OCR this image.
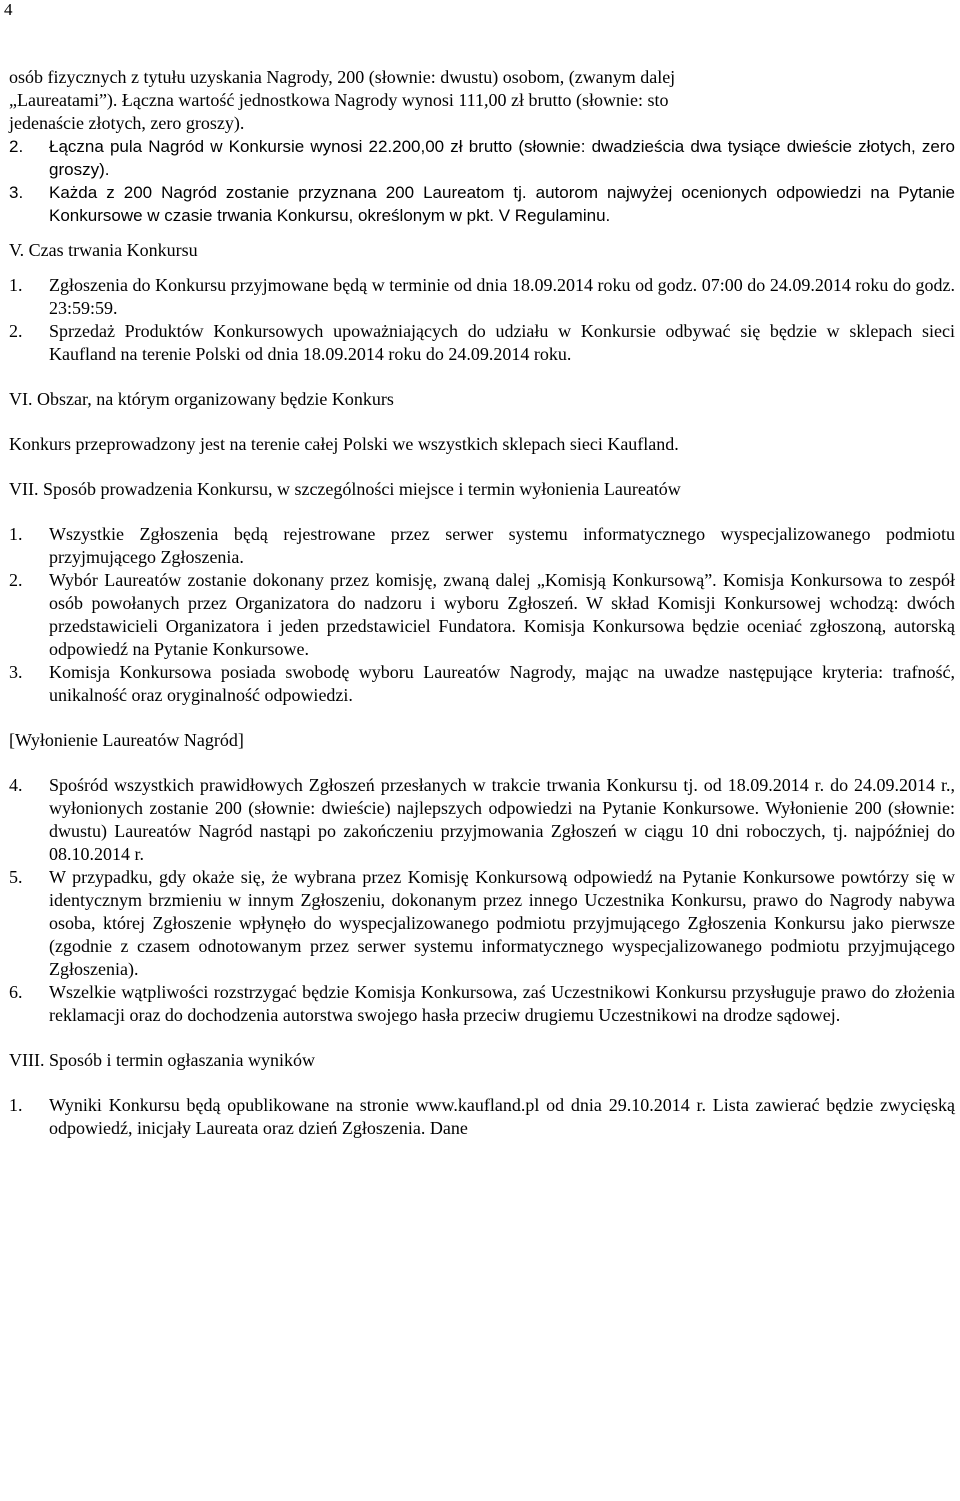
4

osób fizycznych z tytułu uzyskania Nagrody, 200 (słownie: dwustu) osobom, (zwanym dalej
„Laureatami”). Łączna wartość jednostkowa Nagrody wynosi 111,00 zł brutto (słownie: sto
jedenaście złotych, zero groszy).

2.	Łączna pula Nagród w Konkursie wynosi 22.200,00 zł brutto (słownie: dwadzieścia dwa tysiące dwieście złotych, zero groszy).
3.	Każda z 200 Nagród zostanie przyznana 200 Laureatom tj. autorom najwyżej ocenionych odpowiedzi na Pytanie Konkursowe w czasie trwania Konkursu, określonym w pkt. V Regulaminu.

V. Czas trwania Konkursu

1.	Zgłoszenia do Konkursu przyjmowane będą w terminie od dnia 18.09.2014 roku od godz. 07:00 do 24.09.2014 roku do godz. 23:59:59.
2.	Sprzedaż Produktów Konkursowych upoważniających do udziału w Konkursie odbywać się będzie w sklepach sieci Kaufland na terenie Polski od dnia 18.09.2014 roku do 24.09.2014 roku.

VI. Obszar, na którym organizowany będzie Konkurs

Konkurs przeprowadzony jest na terenie całej Polski we wszystkich sklepach sieci Kaufland.

VII. Sposób prowadzenia Konkursu, w szczególności miejsce i termin wyłonienia Laureatów

1.	Wszystkie Zgłoszenia będą rejestrowane przez serwer systemu informatycznego wyspecjalizowanego podmiotu przyjmującego Zgłoszenia.
2.	Wybór Laureatów zostanie dokonany przez komisję, zwaną dalej „Komisją Konkursową”. Komisja Konkursowa to zespół osób powołanych przez Organizatora do nadzoru i wyboru Zgłoszeń. W skład Komisji Konkursowej wchodzą: dwóch przedstawicieli Organizatora i jeden przedstawiciel Fundatora. Komisja Konkursowa będzie oceniać zgłoszoną, autorską odpowiedź na Pytanie Konkursowe.
3.	Komisja Konkursowa posiada swobodę wyboru Laureatów Nagrody, mając na uwadze następujące kryteria: trafność, unikalność oraz oryginalność odpowiedzi.

[Wyłonienie Laureatów Nagród]

4.	Spośród wszystkich prawidłowych Zgłoszeń przesłanych w trakcie trwania Konkursu tj. od 18.09.2014 r. do 24.09.2014 r., wyłonionych zostanie 200 (słownie: dwieście) najlepszych odpowiedzi na Pytanie Konkursowe. Wyłonienie 200 (słownie: dwustu) Laureatów Nagród nastąpi po zakończeniu przyjmowania Zgłoszeń w ciągu 10 dni roboczych, tj. najpóźniej do 08.10.2014 r.
5.	W przypadku, gdy okaże się, że wybrana przez Komisję Konkursową odpowiedź na Pytanie Konkursowe powtórzy się w identycznym brzmieniu w innym Zgłoszeniu, dokonanym przez innego Uczestnika Konkursu, prawo do Nagrody nabywa osoba, której Zgłoszenie wpłynęło do wyspecjalizowanego podmiotu przyjmującego Zgłoszenia Konkursu jako pierwsze (zgodnie z czasem odnotowanym przez serwer systemu informatycznego wyspecjalizowanego podmiotu przyjmującego Zgłoszenia).
6.	Wszelkie wątpliwości rozstrzygać będzie Komisja Konkursowa, zaś Uczestnikowi Konkursu przysługuje prawo do złożenia reklamacji oraz do dochodzenia autorstwa swojego hasła przeciw drugiemu Uczestnikowi na drodze sądowej.

VIII. Sposób i termin ogłaszania wyników

1.	Wyniki Konkursu będą opublikowane na stronie www.kaufland.pl od dnia 29.10.2014 r. Lista zawierać będzie zwycięską odpowiedź, inicjały Laureata oraz dzień Zgłoszenia. Dane
